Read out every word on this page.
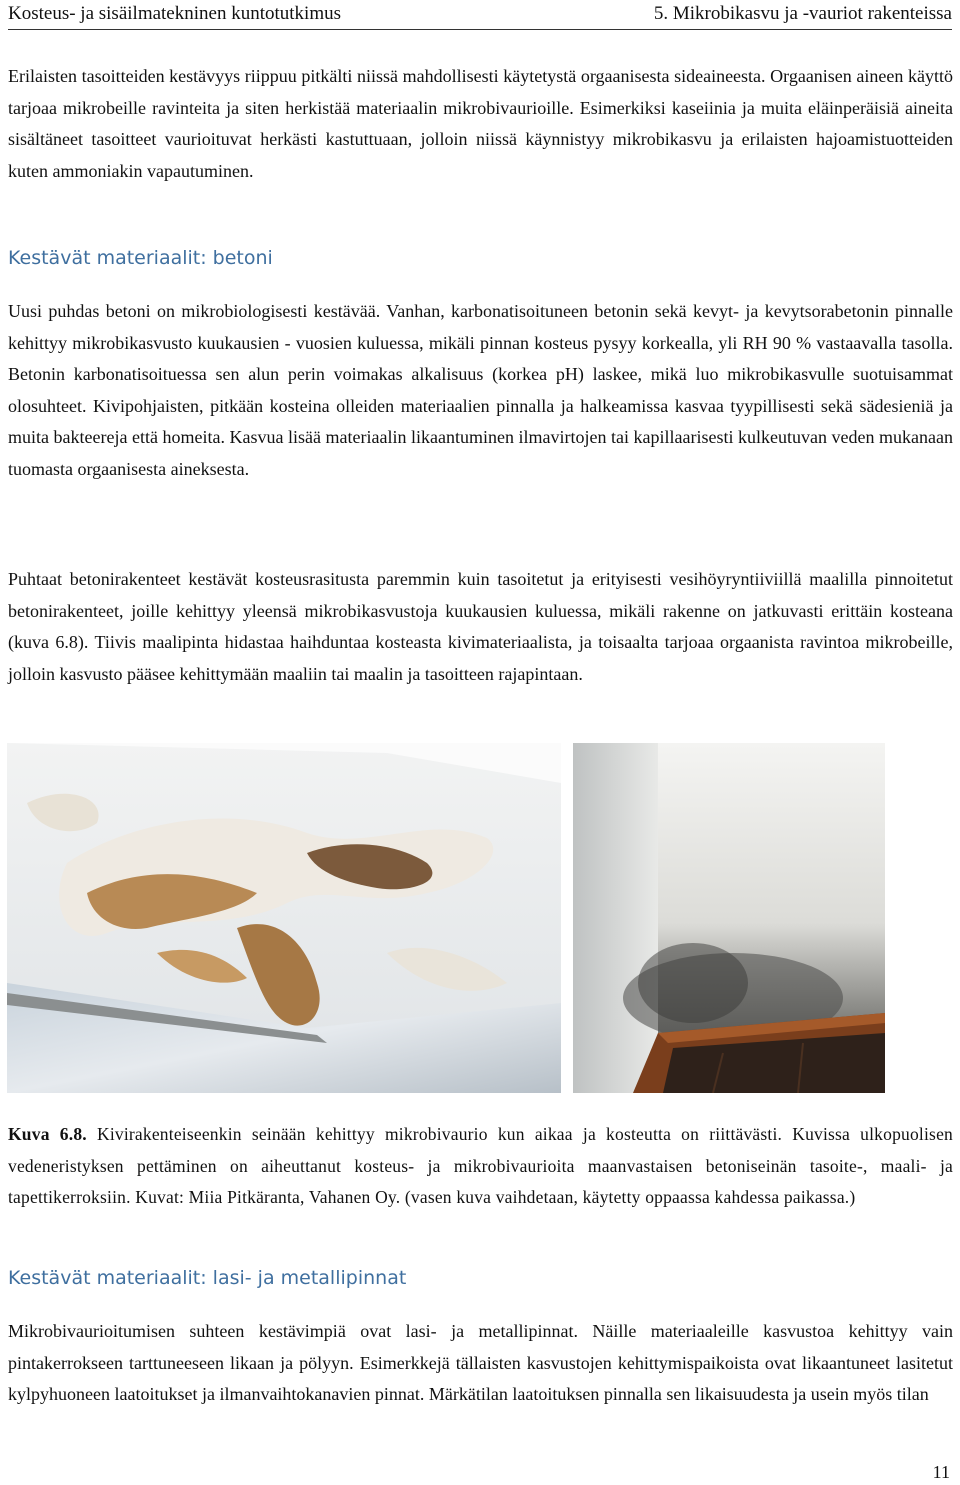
Kosteus- ja sisäilmatekninen kuntotutkimus	5. Mikrobikasvu ja -vauriot rakenteissa

Erilaisten tasoitteiden kestävyys riippuu pitkälti niissä mahdollisesti käytetystä orgaanisesta sideaineesta. Orgaanisen aineen käyttö tarjoaa mikrobeille ravinteita ja siten herkistää materiaalin mikrobivaurioille. Esimerkiksi kaseiinia ja muita eläinperäisiä aineita sisältäneet tasoitteet vaurioituvat herkästi kastuttuaan, jolloin niissä käynnistyy mikrobikasvu ja erilaisten hajoamistuotteiden kuten ammoniakin vapautuminen.

Kestävät materiaalit: betoni

Uusi puhdas betoni on mikrobiologisesti kestävää. Vanhan, karbonatisoituneen betonin sekä kevyt- ja kevytsorabetonin pinnalle kehittyy mikrobikasvusto kuukausien - vuosien kuluessa, mikäli pinnan kosteus pysyy korkealla, yli RH 90 % vastaavalla tasolla. Betonin karbonatisoituessa sen alun perin voimakas alkalisuus (korkea pH) laskee, mikä luo mikrobikasvulle suotuisammat olosuhteet. Kivipohjaisten, pitkään kosteina olleiden materiaalien pinnalla ja halkeamissa kasvaa tyypillisesti sekä sädesieniä ja muita bakteereja että homeita. Kasvua lisää materiaalin likaantuminen ilmavirtojen tai kapillaarisesti kulkeutuvan veden mukanaan tuomasta orgaanisesta aineksesta.

Puhtaat betonirakenteet kestävät kosteusrasitusta paremmin kuin tasoitetut ja erityisesti vesihöyryntiiviillä maalilla pinnoitetut betonirakenteet, joille kehittyy yleensä mikrobikasvustoja kuukausien kuluessa, mikäli rakenne on jatkuvasti erittäin kosteana (kuva 6.8). Tiivis maalipinta hidastaa haihduntaa kosteasta kivimateriaalista, ja toisaalta tarjoaa orgaanista ravintoa mikrobeille, jolloin kasvusto pääsee kehittymään maaliin tai maalin ja tasoitteen rajapintaan.

Kuva 6.8. Kivirakenteiseenkin seinään kehittyy mikrobivaurio kun aikaa ja kosteutta on riittävästi. Kuvissa ulkopuolisen vedeneristyksen pettäminen on aiheuttanut kosteus- ja mikrobivaurioita maanvastaisen betoniseinän tasoite-, maali- ja tapettikerroksiin. Kuvat: Miia Pitkäranta, Vahanen Oy. (vasen kuva vaihdetaan, käytetty oppaassa kahdessa paikassa.)

Kestävät materiaalit: lasi- ja metallipinnat

Mikrobivaurioitumisen suhteen kestävimpiä ovat lasi- ja metallipinnat. Näille materiaaleille kasvustoa kehittyy vain pintakerrokseen tarttuneeseen likaan ja pölyyn. Esimerkkejä tällaisten kasvustojen kehittymispaikoista ovat likaantuneet lasitetut kylpyhuoneen laatoitukset ja ilmanvaihtokanavien pinnat. Märkätilan laatoituksen pinnalla sen likaisuudesta ja usein myös tilan

11
